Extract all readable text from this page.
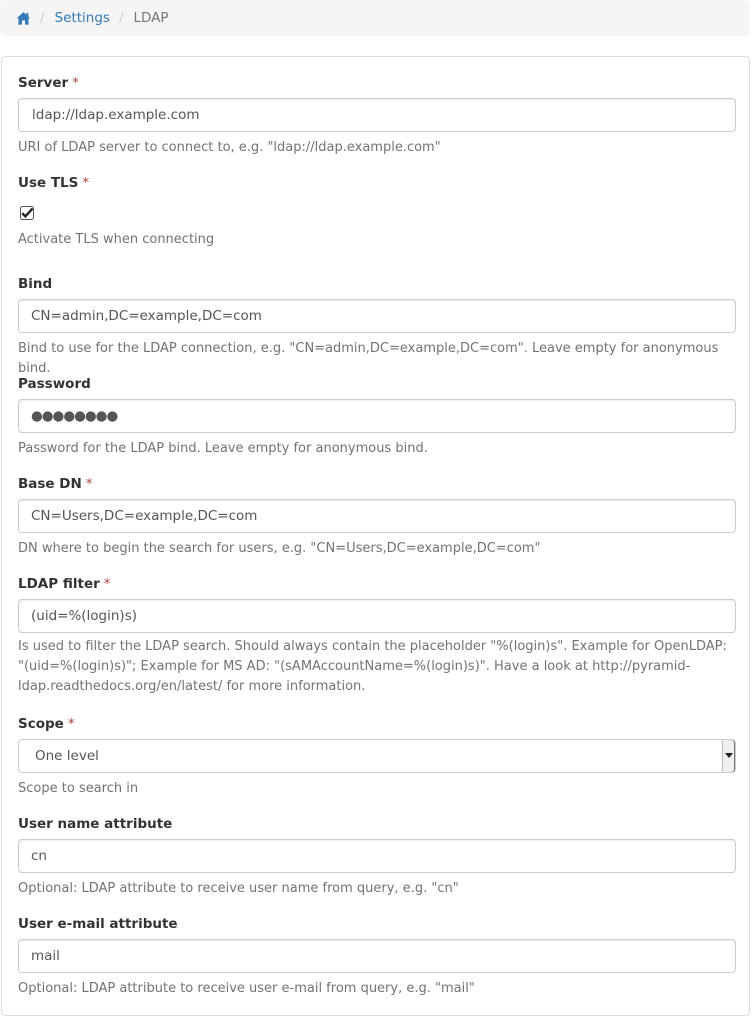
/ Settings / LDAP
Server *
ldap://ldap.example.com
URI of LDAP server to connect to, e.g. "ldap://ldap.example.com"
Use TLS *
Activate TLS when connecting
Bind
CN=admin,DC=example,DC=com
Bind to use for the LDAP connection, e.g. "CN=admin,DC=example,DC=com". Leave empty for anonymous bind.
Password
●●●●●●●●
Password for the LDAP bind. Leave empty for anonymous bind.
Base DN *
CN=Users,DC=example,DC=com
DN where to begin the search for users, e.g. "CN=Users,DC=example,DC=com"
LDAP filter *
(uid=%(login)s)
Is used to filter the LDAP search. Should always contain the placeholder "%(login)s". Example for OpenLDAP: "(uid=%(login)s)"; Example for MS AD: "(sAMAccountName=%(login)s)". Have a look at http://pyramid-ldap.readthedocs.org/en/latest/ for more information.
Scope *
One level
Scope to search in
User name attribute
cn
Optional: LDAP attribute to receive user name from query, e.g. "cn"
User e-mail attribute
mail
Optional: LDAP attribute to receive user e-mail from query, e.g. "mail"
